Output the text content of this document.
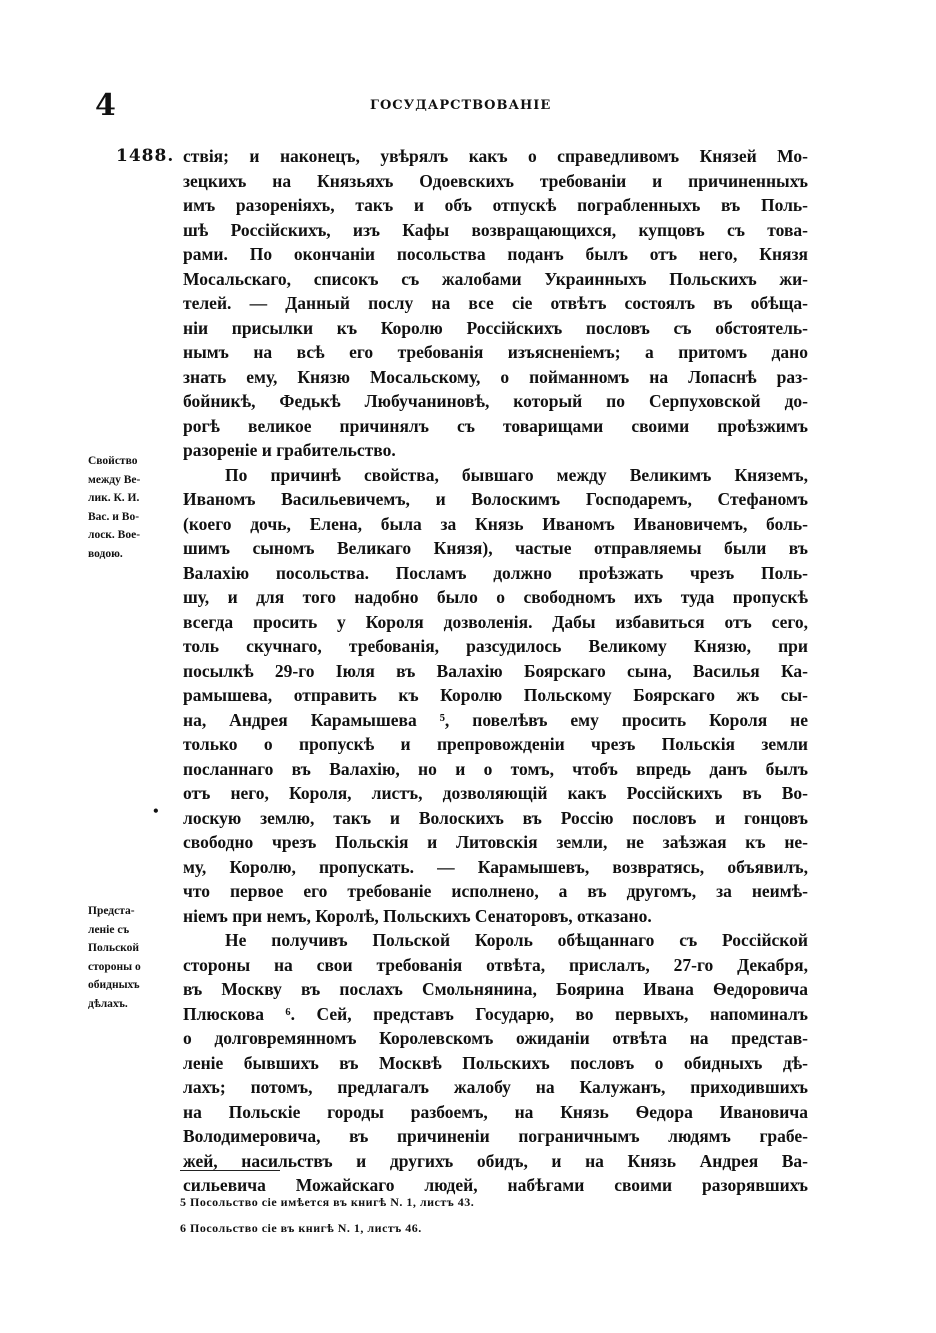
4	ГОСУДАРСТВОВАНІЕ
1488. ствія; и наконецъ, увѣрялъ какъ о справедливомъ Князей Мо-
зецкихъ на Князьяхъ Одоевскихъ требованіи и причиненныхъ
имъ разореніяхъ, такъ и объ отпускѣ пограбленныхъ въ Поль-
шѣ Россійскихъ, изъ Кафы возвращающихся, купцовъ съ това-
рами. По окончаніи посольства поданъ былъ отъ него, Князя
Мосальскаго, списокъ съ жалобами Украинныхъ Польскихъ жи-
телей. — Данный послу на все сіе отвѣтъ состоялъ въ обѣща-
ніи присылки къ Королю Россійскихъ пословъ съ обстоятель-
нымъ на всѣ его требованія изъясненіемъ; а притомъ дано
знать ему, Князю Мосальскому, о пойманномъ на Лопаснѣ раз-
бойникѣ, Федькѣ Любучаниновѣ, который по Серпуховской до-
рогѣ великое причинялъ съ товарищами своими проѣзжимъ
разореніе и грабительство.
По причинѣ свойства, бывшаго между Великимъ Княземъ,
Иваномъ Васильевичемъ, и Волоскимъ Господаремъ, Стефаномъ
(коего дочь, Елена, была за Князь Иваномъ Ивановичемъ, боль-
шимъ сыномъ Великаго Князя), частые отправляемы были въ
Валахію посольства. Посламъ должно проѣзжать чрезъ Поль-
шу, и для того надобно было о свободномъ ихъ туда пропускѣ
всегда просить у Короля дозволенія. Дабы избавиться отъ сего,
толь скучнаго, требованія, разсудилось Великому Князю, при
посылкѣ 29-го Іюля въ Валахію Боярскаго сына, Василья Ка-
рамышева, отправить къ Королю Польскому Боярскаго жъ сы-
на, Андрея Карамышева ⁵, повелѣвъ ему просить Короля не
только о пропускѣ и препровожденіи чрезъ Польскія земли
посланнаго въ Валахію, но и о томъ, чтобъ впредь данъ былъ
отъ него, Короля, листъ, дозволяющій какъ Россійскихъ въ Во-
лоскую землю, такъ и Волоскихъ въ Россію пословъ и гонцовъ
свободно чрезъ Польскія и Литовскія земли, не заѣзжая къ не-
му, Королю, пропускать. — Карамышевъ, возвратясь, объявилъ,
что первое его требованіе исполнено, а въ другомъ, за неимѣ-
ніемъ при немъ, Королѣ, Польскихъ Сенаторовъ, отказано.
Не получивъ Польской Король обѣщаннаго съ Россійской
стороны на свои требованія отвѣта, прислалъ, 27-го Декабря,
въ Москву въ послахъ Смольнянина, Боярина Ивана Ѳедоровича
Плюскова ⁶. Сей, представъ Государю, во первыхъ, напоминалъ
о долговремянномъ Королевскомъ ожиданіи отвѣта на представ-
леніе бывшихъ въ Москвѣ Польскихъ пословъ о обидныхъ дѣ-
лахъ; потомъ, предлагалъ жалобу на Калужанъ, приходившихъ
на Польскіе городы разбоемъ, на Князь Ѳедора Ивановича
Володимеровича, въ причиненіи пограничнымъ людямъ грабе-
жей, насильствъ и другихъ обидъ, и на Князь Андрея Ва-
сильевича Можайскаго людей, набѣгами своими разорявшихъ
Свойство
между Ве-
лик. К. И.
Вас. и Во-
лоск. Вое-
водою.
Предста-
леніе съ
Польской
стороны о
обидныхъ
дѣлахъ.
•
5 Посольство сіе имѣется въ книгѣ N. 1, листъ 43.
6 Посольство сіе въ книгѣ N. 1, листъ 46.
